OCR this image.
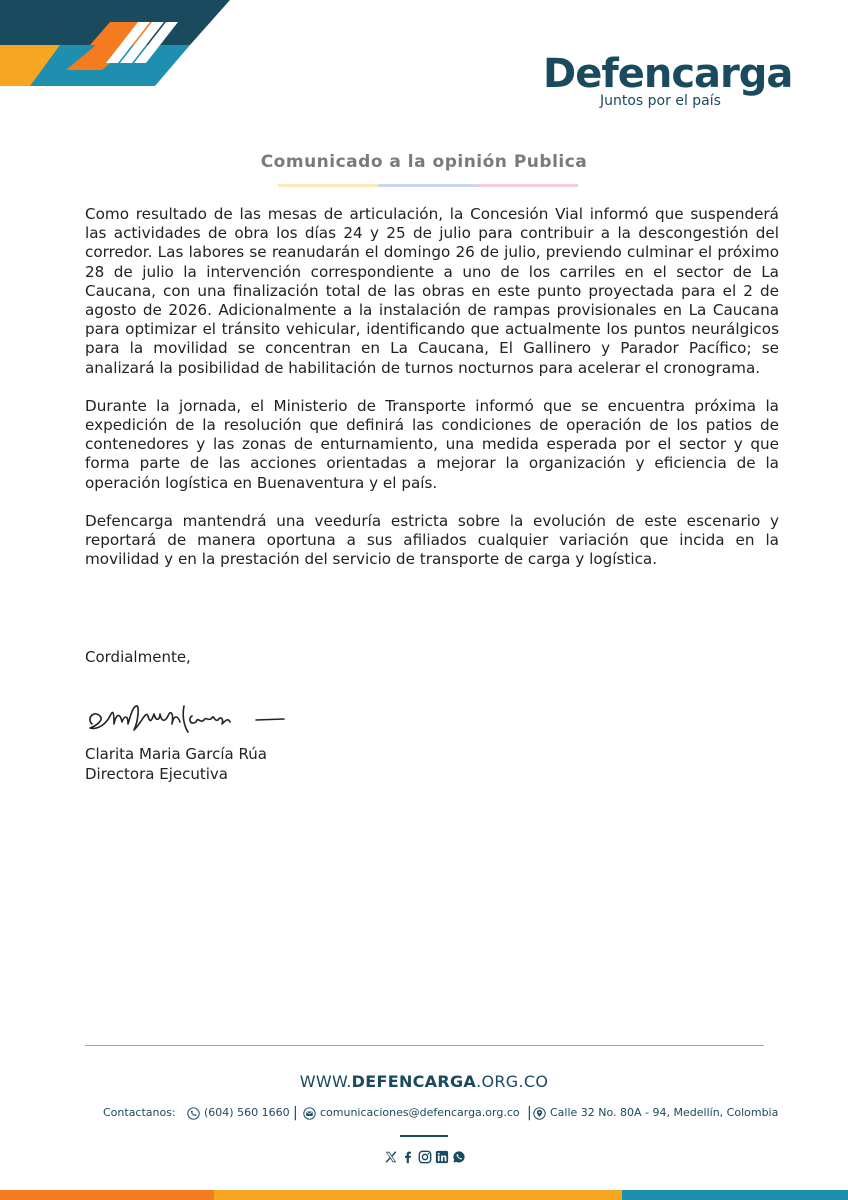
Defencarga
Juntos por el país
Comunicado a la opinión Publica

Como resultado de las mesas de articulación, la Concesión Vial informó que suspenderá las actividades de obra los días 24 y 25 de julio para contribuir a la descongestión del corredor. Las labores se reanudarán el domingo 26 de julio, previendo culminar el próximo 28 de julio la intervención correspondiente a uno de los carriles en el sector de La Caucana, con una finalización total de las obras en este punto proyectada para el 2 de agosto de 2026. Adicionalmente a la instalación de rampas provisionales en La Caucana para optimizar el tránsito vehicular, identificando que actualmente los puntos neurálgicos para la movilidad se concentran en La Caucana, El Gallinero y Parador Pacífico; se analizará la posibilidad de habilitación de turnos nocturnos para acelerar el cronograma.

Durante la jornada, el Ministerio de Transporte informó que se encuentra próxima la expedición de la resolución que definirá las condiciones de operación de los patios de contenedores y las zonas de enturnamiento, una medida esperada por el sector y que forma parte de las acciones orientadas a mejorar la organización y eficiencia de la operación logística en Buenaventura y el país.

Defencarga mantendrá una veeduría estricta sobre la evolución de este escenario y reportará de manera oportuna a sus afiliados cualquier variación que incida en la movilidad y en la prestación del servicio de transporte de carga y logística.

Cordialmente,
Clarita Maria García Rúa
Directora Ejecutiva
WWW.DEFENCARGA.ORG.CO
Contactanos:	(604) 560 1660 | comunicaciones@defencarga.org.co | Calle 32 No. 80A - 94, Medellín, Colombia
